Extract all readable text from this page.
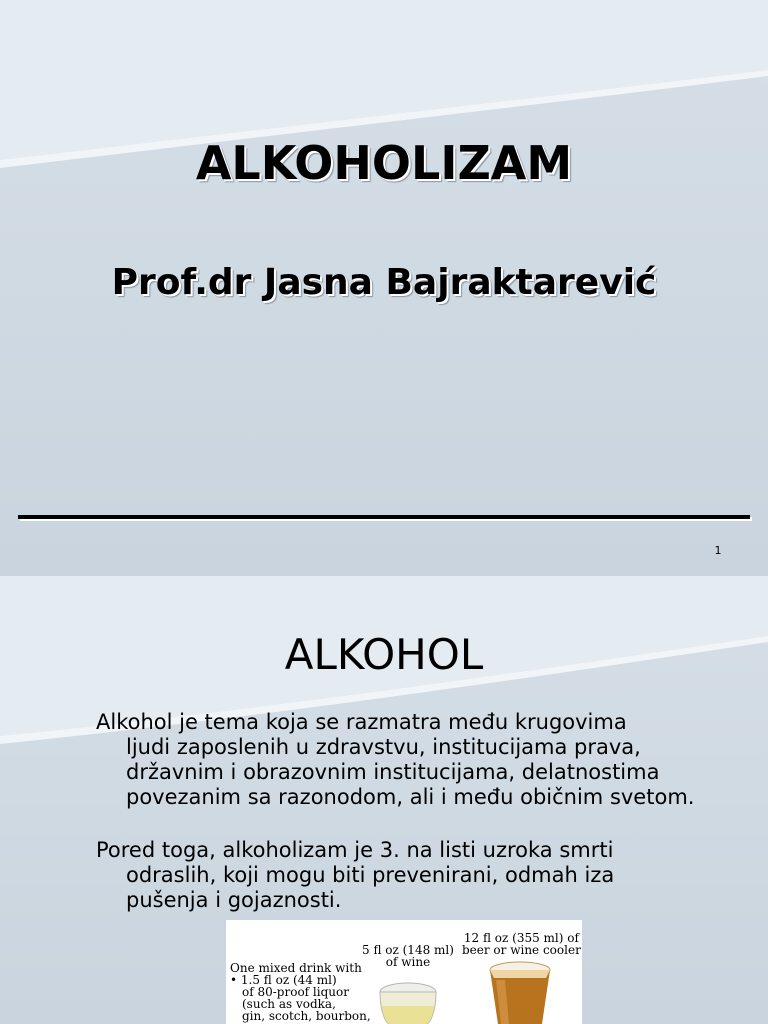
ALKOHOLIZAM
Prof.dr Jasna Bajraktarević
1
ALKOHOL
Alkohol je tema koja se razmatra među krugovima
ljudi zaposlenih u zdravstvu, institucijama prava, državnim i obrazovnim institucijama, delatnostima povezanim sa razonodom, ali i među običnim svetom.
Pored toga, alkoholizam je 3. na listi uzroka smrti
odraslih, koji mogu biti prevenirani, odmah iza pušenja i gojaznosti.
One mixed drink with
• 1.5 fl oz (44 ml)
of 80-proof liquor
(such as vodka,
gin, scotch, bourbon,
5 fl oz (148 ml)
of wine
12 fl oz (355 ml) of
beer or wine cooler
